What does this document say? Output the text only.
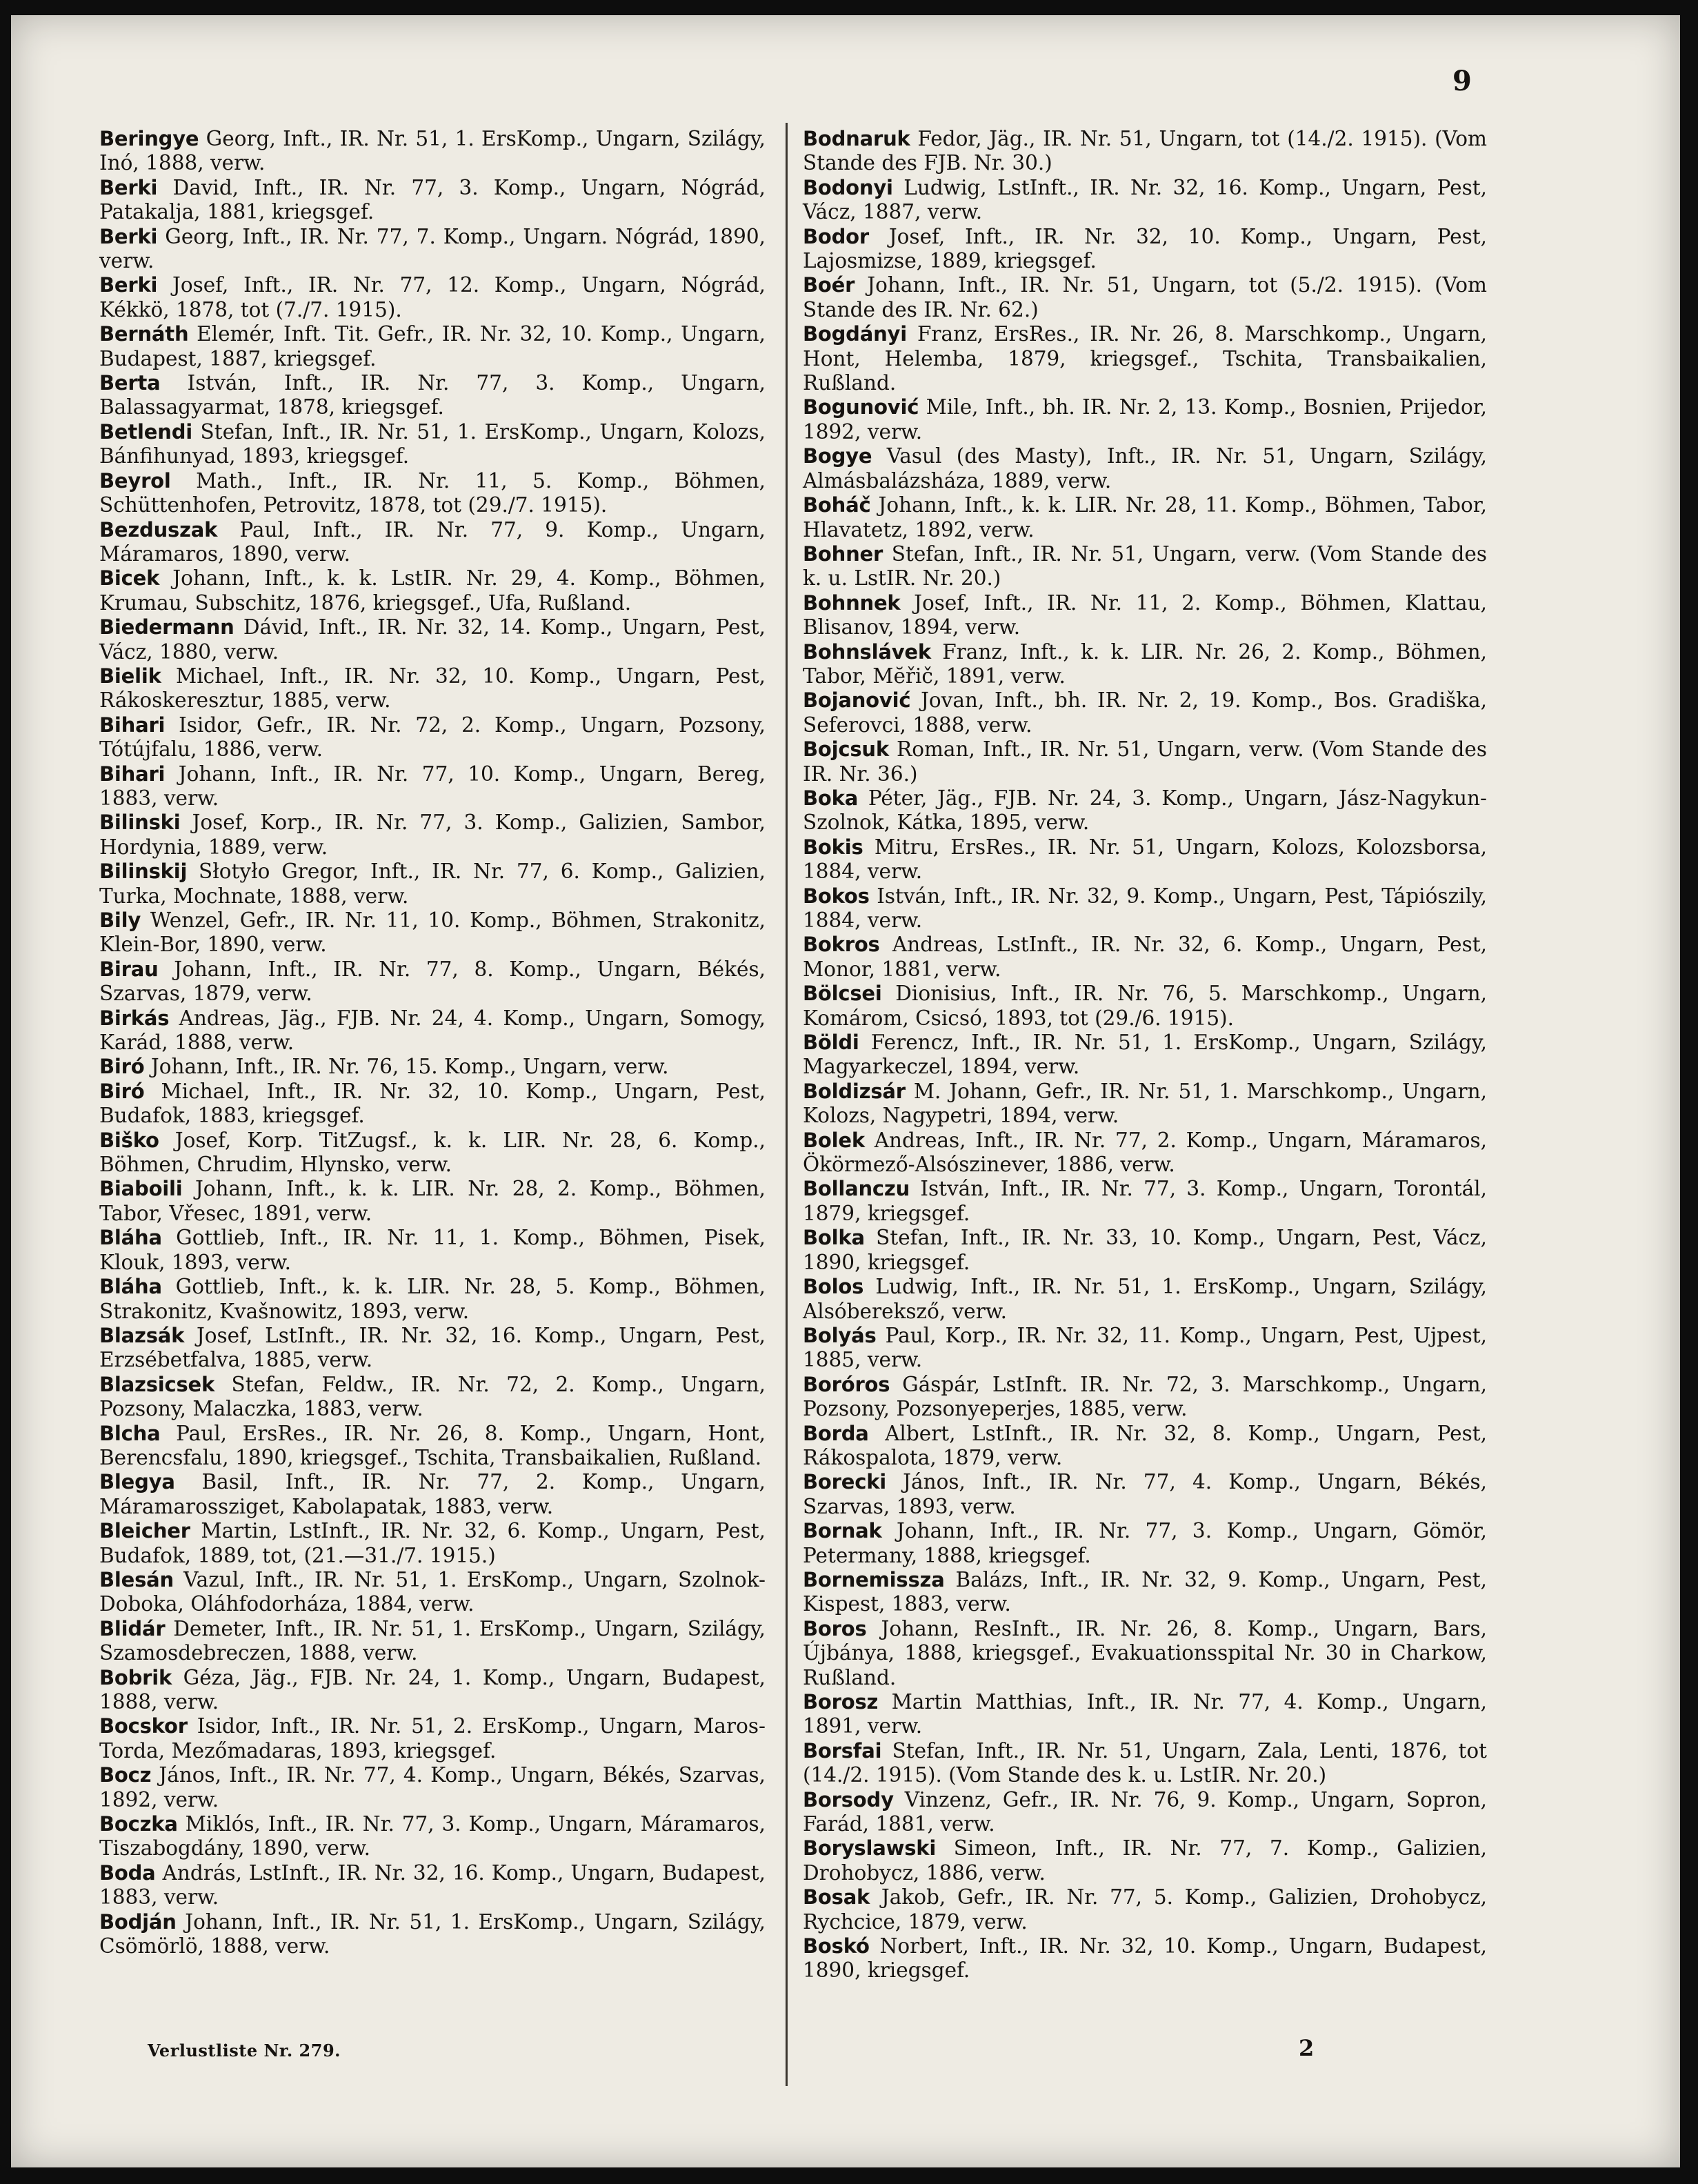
9

Beringye Georg, Inft., IR. Nr. 51, 1. ErsKomp., Ungarn, Szilágy, Inó, 1888, verw.

Berki David, Inft., IR. Nr. 77, 3. Komp., Ungarn, Nógrád, Patakalja, 1881, kriegsgef.

Berki Georg, Inft., IR. Nr. 77, 7. Komp., Ungarn. Nógrád, 1890, verw.

Berki Josef, Inft., IR. Nr. 77, 12. Komp., Ungarn, Nógrád, Kékkö, 1878, tot (7./7. 1915).

Bernáth Elemér, Inft. Tit. Gefr., IR. Nr. 32, 10. Komp., Ungarn, Budapest, 1887, kriegsgef.

Berta István, Inft., IR. Nr. 77, 3. Komp., Ungarn, Balassagyarmat, 1878, kriegsgef.

Betlendi Stefan, Inft., IR. Nr. 51, 1. ErsKomp., Ungarn, Kolozs, Bánfihunyad, 1893, kriegsgef.

Beyrol Math., Inft., IR. Nr. 11, 5. Komp., Böhmen, Schüttenhofen, Petrovitz, 1878, tot (29./7. 1915).

Bezduszak Paul, Inft., IR. Nr. 77, 9. Komp., Ungarn, Máramaros, 1890, verw.

Bicek Johann, Inft., k. k. LstIR. Nr. 29, 4. Komp., Böhmen, Krumau, Subschitz, 1876, kriegsgef., Ufa, Rußland.

Biedermann Dávid, Inft., IR. Nr. 32, 14. Komp., Ungarn, Pest, Vácz, 1880, verw.

Bielik Michael, Inft., IR. Nr. 32, 10. Komp., Ungarn, Pest, Rákoskeresztur, 1885, verw.

Bihari Isidor, Gefr., IR. Nr. 72, 2. Komp., Ungarn, Pozsony, Tótújfalu, 1886, verw.

Bihari Johann, Inft., IR. Nr. 77, 10. Komp., Ungarn, Bereg, 1883, verw.

Bilinski Josef, Korp., IR. Nr. 77, 3. Komp., Galizien, Sambor, Hordynia, 1889, verw.

Bilinskij Słotyło Gregor, Inft., IR. Nr. 77, 6. Komp., Galizien, Turka, Mochnate, 1888, verw.

Bily Wenzel, Gefr., IR. Nr. 11, 10. Komp., Böhmen, Strakonitz, Klein-Bor, 1890, verw.

Birau Johann, Inft., IR. Nr. 77, 8. Komp., Ungarn, Békés, Szarvas, 1879, verw.

Birkás Andreas, Jäg., FJB. Nr. 24, 4. Komp., Ungarn, Somogy, Karád, 1888, verw.

Biró Johann, Inft., IR. Nr. 76, 15. Komp., Ungarn, verw.

Biró Michael, Inft., IR. Nr. 32, 10. Komp., Ungarn, Pest, Budafok, 1883, kriegsgef.

Biško Josef, Korp. TitZugsf., k. k. LIR. Nr. 28, 6. Komp., Böhmen, Chrudim, Hlynsko, verw.

Biaboili Johann, Inft., k. k. LIR. Nr. 28, 2. Komp., Böhmen, Tabor, Vřesec, 1891, verw.

Bláha Gottlieb, Inft., IR. Nr. 11, 1. Komp., Böhmen, Pisek, Klouk, 1893, verw.

Bláha Gottlieb, Inft., k. k. LIR. Nr. 28, 5. Komp., Böhmen, Strakonitz, Kvašnowitz, 1893, verw.

Blazsák Josef, LstInft., IR. Nr. 32, 16. Komp., Ungarn, Pest, Erzsébetfalva, 1885, verw.

Blazsicsek Stefan, Feldw., IR. Nr. 72, 2. Komp., Ungarn, Pozsony, Malaczka, 1883, verw.

Blcha Paul, ErsRes., IR. Nr. 26, 8. Komp., Ungarn, Hont, Berencsfalu, 1890, kriegsgef., Tschita, Transbaikalien, Rußland.

Blegya Basil, Inft., IR. Nr. 77, 2. Komp., Ungarn, Máramarossziget, Kabolapatak, 1883, verw.

Bleicher Martin, LstInft., IR. Nr. 32, 6. Komp., Ungarn, Pest, Budafok, 1889, tot, (21.—31./7. 1915.)

Blesán Vazul, Inft., IR. Nr. 51, 1. ErsKomp., Ungarn, Szolnok-Doboka, Oláhfodorháza, 1884, verw.

Blidár Demeter, Inft., IR. Nr. 51, 1. ErsKomp., Ungarn, Szilágy, Szamosdebreczen, 1888, verw.

Bobrik Géza, Jäg., FJB. Nr. 24, 1. Komp., Ungarn, Budapest, 1888, verw.

Bocskor Isidor, Inft., IR. Nr. 51, 2. ErsKomp., Ungarn, Maros-Torda, Mezőmadaras, 1893, kriegsgef.

Bocz János, Inft., IR. Nr. 77, 4. Komp., Ungarn, Békés, Szarvas, 1892, verw.

Boczka Miklós, Inft., IR. Nr. 77, 3. Komp., Ungarn, Máramaros, Tiszabogdány, 1890, verw.

Boda András, LstInft., IR. Nr. 32, 16. Komp., Ungarn, Budapest, 1883, verw.

Bodján Johann, Inft., IR. Nr. 51, 1. ErsKomp., Ungarn, Szilágy, Csömörlö, 1888, verw.

Bodnaruk Fedor, Jäg., IR. Nr. 51, Ungarn, tot (14./2. 1915). (Vom Stande des FJB. Nr. 30.)

Bodonyi Ludwig, LstInft., IR. Nr. 32, 16. Komp., Ungarn, Pest, Vácz, 1887, verw.

Bodor Josef, Inft., IR. Nr. 32, 10. Komp., Ungarn, Pest, Lajosmizse, 1889, kriegsgef.

Boér Johann, Inft., IR. Nr. 51, Ungarn, tot (5./2. 1915). (Vom Stande des IR. Nr. 62.)

Bogdányi Franz, ErsRes., IR. Nr. 26, 8. Marschkomp., Ungarn, Hont, Helemba, 1879, kriegsgef., Tschita, Transbaikalien, Rußland.

Bogunović Mile, Inft., bh. IR. Nr. 2, 13. Komp., Bosnien, Prijedor, 1892, verw.

Bogye Vasul (des Masty), Inft., IR. Nr. 51, Ungarn, Szilágy, Almásbalázsháza, 1889, verw.

Boháč Johann, Inft., k. k. LIR. Nr. 28, 11. Komp., Böhmen, Tabor, Hlavatetz, 1892, verw.

Bohner Stefan, Inft., IR. Nr. 51, Ungarn, verw. (Vom Stande des k. u. LstIR. Nr. 20.)

Bohnnek Josef, Inft., IR. Nr. 11, 2. Komp., Böhmen, Klattau, Blisanov, 1894, verw.

Bohnslávek Franz, Inft., k. k. LIR. Nr. 26, 2. Komp., Böhmen, Tabor, Mĕřič, 1891, verw.

Bojanović Jovan, Inft., bh. IR. Nr. 2, 19. Komp., Bos. Gradiška, Seferovci, 1888, verw.

Bojcsuk Roman, Inft., IR. Nr. 51, Ungarn, verw. (Vom Stande des IR. Nr. 36.)

Boka Péter, Jäg., FJB. Nr. 24, 3. Komp., Ungarn, Jász-Nagykun-Szolnok, Kátka, 1895, verw.

Bokis Mitru, ErsRes., IR. Nr. 51, Ungarn, Kolozs, Kolozsborsa, 1884, verw.

Bokos István, Inft., IR. Nr. 32, 9. Komp., Ungarn, Pest, Tápiószily, 1884, verw.

Bokros Andreas, LstInft., IR. Nr. 32, 6. Komp., Ungarn, Pest, Monor, 1881, verw.

Bölcsei Dionisius, Inft., IR. Nr. 76, 5. Marschkomp., Ungarn, Komárom, Csicsó, 1893, tot (29./6. 1915).

Böldi Ferencz, Inft., IR. Nr. 51, 1. ErsKomp., Ungarn, Szilágy, Magyarkeczel, 1894, verw.

Boldizsár M. Johann, Gefr., IR. Nr. 51, 1. Marschkomp., Ungarn, Kolozs, Nagypetri, 1894, verw.

Bolek Andreas, Inft., IR. Nr. 77, 2. Komp., Ungarn, Máramaros, Ökörmező-Alsószinever, 1886, verw.

Bollanczu István, Inft., IR. Nr. 77, 3. Komp., Ungarn, Torontál, 1879, kriegsgef.

Bolka Stefan, Inft., IR. Nr. 33, 10. Komp., Ungarn, Pest, Vácz, 1890, kriegsgef.

Bolos Ludwig, Inft., IR. Nr. 51, 1. ErsKomp., Ungarn, Szilágy, Alsóbereksző, verw.

Bolyás Paul, Korp., IR. Nr. 32, 11. Komp., Ungarn, Pest, Ujpest, 1885, verw.

Boróros Gáspár, LstInft. IR. Nr. 72, 3. Marschkomp., Ungarn, Pozsony, Pozsonyeperjes, 1885, verw.

Borda Albert, LstInft., IR. Nr. 32, 8. Komp., Ungarn, Pest, Rákospalota, 1879, verw.

Borecki János, Inft., IR. Nr. 77, 4. Komp., Ungarn, Békés, Szarvas, 1893, verw.

Bornak Johann, Inft., IR. Nr. 77, 3. Komp., Ungarn, Gömör, Petermany, 1888, kriegsgef.

Bornemissza Balázs, Inft., IR. Nr. 32, 9. Komp., Ungarn, Pest, Kispest, 1883, verw.

Boros Johann, ResInft., IR. Nr. 26, 8. Komp., Ungarn, Bars, Újbánya, 1888, kriegsgef., Evakuationsspital Nr. 30 in Charkow, Rußland.

Borosz Martin Matthias, Inft., IR. Nr. 77, 4. Komp., Ungarn, 1891, verw.

Borsfai Stefan, Inft., IR. Nr. 51, Ungarn, Zala, Lenti, 1876, tot (14./2. 1915). (Vom Stande des k. u. LstIR. Nr. 20.)

Borsody Vinzenz, Gefr., IR. Nr. 76, 9. Komp., Ungarn, Sopron, Farád, 1881, verw.

Boryslawski Simeon, Inft., IR. Nr. 77, 7. Komp., Galizien, Drohobycz, 1886, verw.

Bosak Jakob, Gefr., IR. Nr. 77, 5. Komp., Galizien, Drohobycz, Rychcice, 1879, verw.

Boskó Norbert, Inft., IR. Nr. 32, 10. Komp., Ungarn, Budapest, 1890, kriegsgef.

Verlustliste Nr. 279.	2
